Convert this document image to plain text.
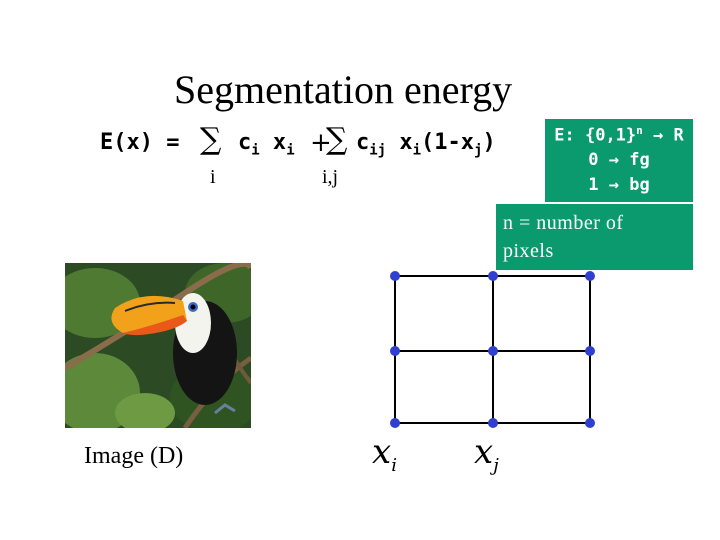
Segmentation energy
E(x) = ∑ $c_i$ $x_i$ +
∑ $c_{ij}$ $x_i(1-x_j)$
i	i,j
E: $\{0,1\}^n \to R$
0 → fg
1 → bg
n = number of
pixels
Image (D)	$x_i$ $x_j$
